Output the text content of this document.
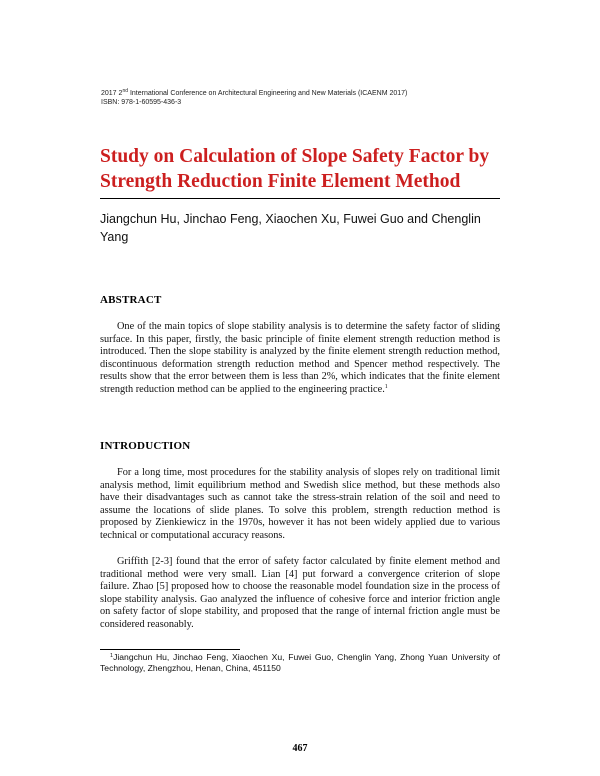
2017 2nd International Conference on Architectural Engineering and New Materials (ICAENM 2017)
ISBN: 978-1-60595-436-3
Study on Calculation of Slope Safety Factor by Strength Reduction Finite Element Method
Jiangchun Hu, Jinchao Feng, Xiaochen Xu, Fuwei Guo and Chenglin Yang
ABSTRACT

One of the main topics of slope stability analysis is to determine the safety factor of sliding surface. In this paper, firstly, the basic principle of finite element strength reduction method is introduced. Then the slope stability is analyzed by the finite element strength reduction method, discontinuous deformation strength reduction method and Spencer method respectively. The results show that the error between them is less than 2%, which indicates that the finite element strength reduction method can be applied to the engineering practice.$^1$

INTRODUCTION

For a long time, most procedures for the stability analysis of slopes rely on traditional limit analysis method, limit equilibrium method and Swedish slice method, but these methods also have their disadvantages such as cannot take the stress-strain relation of the soil and need to assume the locations of slide planes. To solve this problem, strength reduction method is proposed by Zienkiewicz in the 1970s, however it has not been widely applied due to various technical or computational accuracy reasons.

Griffith [2-3] found that the error of safety factor calculated by finite element method and traditional method were very small. Lian [4] put forward a convergence criterion of slope failure. Zhao [5] proposed how to choose the reasonable model foundation size in the process of slope stability analysis. Gao analyzed the influence of cohesive force and interior friction angle on safety factor of slope stability, and proposed that the range of internal friction angle must be considered reasonably.

$^1$Jiangchun Hu, Jinchao Feng, Xiaochen Xu, Fuwei Guo, Chenglin Yang, Zhong Yuan University of Technology, Zhengzhou, Henan, China, 451150

467
